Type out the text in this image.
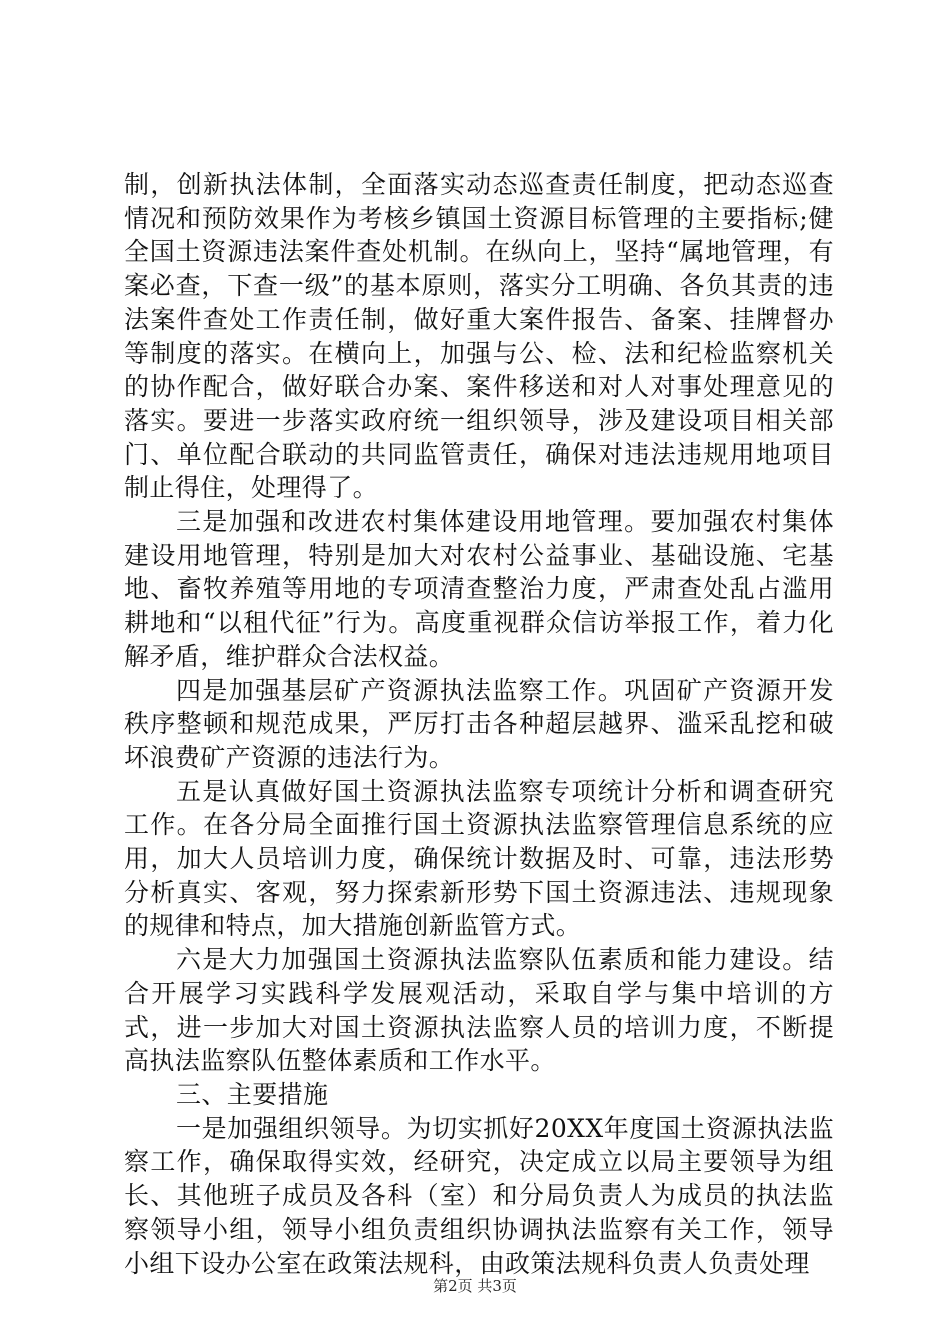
制，创新执法体制，全面落实动态巡查责任制度，把动态巡查情况和预防效果作为考核乡镇国土资源目标管理的主要指标;健全国土资源违法案件查处机制。在纵向上，坚持“属地管理，有案必查，下查一级”的基本原则，落实分工明确、各负其责的违法案件查处工作责任制，做好重大案件报告、备案、挂牌督办等制度的落实。在横向上，加强与公、检、法和纪检监察机关的协作配合，做好联合办案、案件移送和对人对事处理意见的落实。要进一步落实政府统一组织领导，涉及建设项目相关部门、单位配合联动的共同监管责任，确保对违法违规用地项目制止得住，处理得了。

三是加强和改进农村集体建设用地管理。要加强农村集体建设用地管理，特别是加大对农村公益事业、基础设施、宅基地、畜牧养殖等用地的专项清查整治力度，严肃查处乱占滥用耕地和“以租代征”行为。高度重视群众信访举报工作，着力化解矛盾，维护群众合法权益。

四是加强基层矿产资源执法监察工作。巩固矿产资源开发秩序整顿和规范成果，严厉打击各种超层越界、滥采乱挖和破坏浪费矿产资源的违法行为。

五是认真做好国土资源执法监察专项统计分析和调查研究工作。在各分局全面推行国土资源执法监察管理信息系统的应用，加大人员培训力度，确保统计数据及时、可靠，违法形势分析真实、客观，努力探索新形势下国土资源违法、违规现象的规律和特点，加大措施创新监管方式。

六是大力加强国土资源执法监察队伍素质和能力建设。结合开展学习实践科学发展观活动，采取自学与集中培训的方式，进一步加大对国土资源执法监察人员的培训力度，不断提高执法监察队伍整体素质和工作水平。

三、主要措施

一是加强组织领导。为切实抓好20XX年度国土资源执法监察工作，确保取得实效，经研究，决定成立以局主要领导为组长、其他班子成员及各科（室）和分局负责人为成员的执法监察领导小组，领导小组负责组织协调执法监察有关工作，领导小组下设办公室在政策法规科，由政策法规科负责人负责处理

第2页 共3页
